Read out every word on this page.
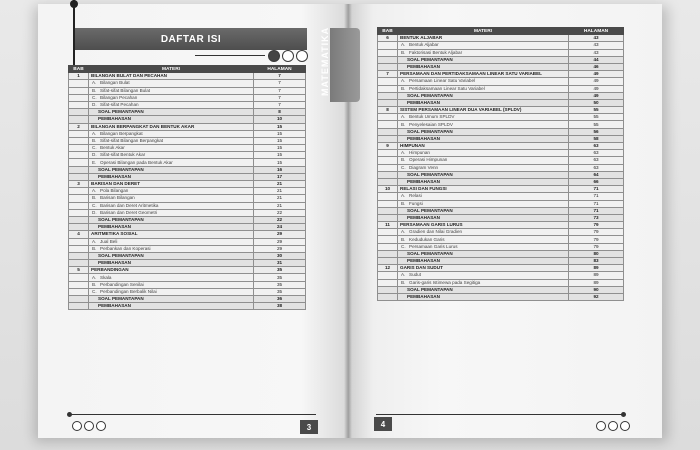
MATEMATIKA
DAFTAR ISI
BAB	MATERI	HALAMAN
1	BILANGAN BULAT DAN PECAHAN	7
	A. Bilangan Bulat	7
	B. Sifat-sifat Bilangan Bulat	7
	C. Bilangan Pecahan	7
	D. Sifat-sifat Pecahan	7
	SOAL PEMANTAPAN	8
	PEMBAHASAN	10
2	BILANGAN BERPANGKAT DAN BENTUK AKAR	15
	A. Bilangan Berpangkat	15
	B. Sifat-sifat Bilangan Berpangkat	15
	C. Bentuk Akar	15
	D. Sifat-sifat Bentuk Akar	15
	E. Operasi Bilangan pada Bentuk Akar	15
	SOAL PEMANTAPAN	16
	PEMBAHASAN	17
3	BARISAN DAN DERET	21
	A. Pola Bilangan	21
	B. Barisan Bilangan	21
	C. Barisan dan Deret Aritmetika	21
	D. Barisan dan Deret Geometri	22
	SOAL PEMANTAPAN	22
	PEMBAHASAN	24
4	ARITMETIKA SOSIAL	29
	A. Jual Beli	29
	B. Perbankan dan Koperasi	29
	SOAL PEMANTAPAN	30
	PEMBAHASAN	31
5	PERBANDINGAN	35
	A. Skala	35
	B. Perbandingan Senilai	35
	C. Perbandingan Berbalik Nilai	35
	SOAL PEMANTAPAN	36
	PEMBAHASAN	38
BAB	MATERI	HALAMAN
6	BENTUK ALJABAR	43
	A. Bentuk Aljabar	43
	B. Faktorisasi Bentuk Aljabar	43
	SOAL PEMANTAPAN	44
	PEMBAHASAN	46
7	PERSAMAAN DAN PERTIDAKSAMAAN LINEAR SATU VARIABEL	49
	A. Persamaan Linear Satu Variabel	49
	B. Pertidaksamaan Linear Satu Variabel	49
	SOAL PEMANTAPAN	49
	PEMBAHASAN	50
8	SISTEM PERSAMAAN LINEAR DUA VARIABEL (SPLDV)	55
	A. Bentuk Umum SPLDV	55
	B. Penyelesaian SPLDV	55
	SOAL PEMANTAPAN	56
	PEMBAHASAN	58
9	HIMPUNAN	63
	A. Himpunan	63
	B. Operasi Himpunan	63
	C. Diagram Venn	63
	SOAL PEMANTAPAN	64
	PEMBAHASAN	66
10	RELASI DAN FUNGSI	71
	A. Relasi	71
	B. Fungsi	71
	SOAL PEMANTAPAN	71
	PEMBAHASAN	73
11	PERSAMAAN GARIS LURUS	79
	A. Gradien dan Nilai Gradien	79
	B. Kedudukan Garis	79
	C. Persamaan Garis Lurus	79
	SOAL PEMANTAPAN	80
	PEMBAHASAN	83
12	GARIS DAN SUDUT	89
	A. Sudut	89
	B. Garis-garis Istimewa pada Segitiga	89
	SOAL PEMANTAPAN	90
	PEMBAHASAN	92
3	4
